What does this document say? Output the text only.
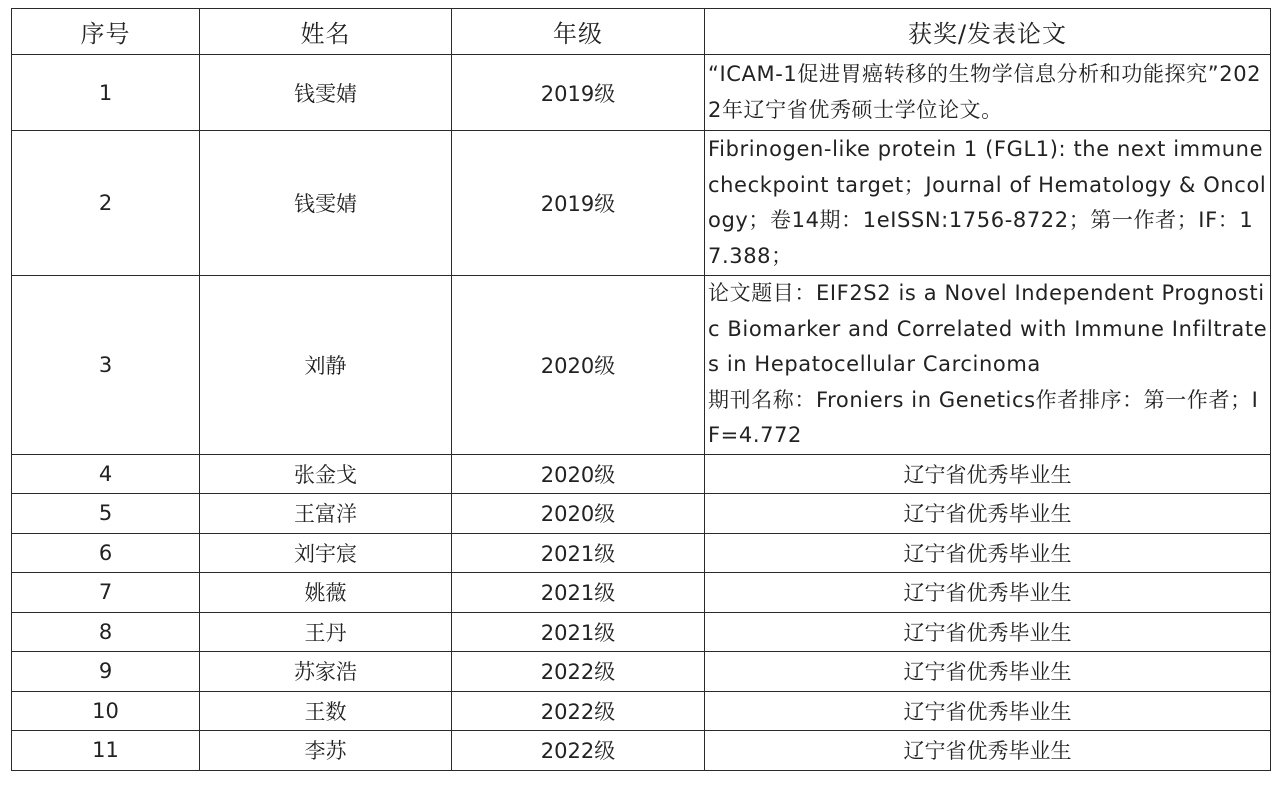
序号	姓名	年级	获奖/发表论文
1	钱雯婧	2019级	“ICAM-1促进胃癌转移的生物学信息分析和功能探究”2022年辽宁省优秀硕士学位论文。
2	钱雯婧	2019级	Fibrinogen-like protein 1 (FGL1): the next immune checkpoint target；Journal of Hematology & Oncology；卷14期：1eISSN:1756-8722；第一作者；IF：17.388；
3	刘静	2020级	论文题目：EIF2S2 is a Novel Independent Prognostic Biomarker and Correlated with Immune Infiltrates in Hepatocellular Carcinoma
期刊名称：Froniers in Genetics作者排序：第一作者；IF=4.772

4	张金戈	2020级	辽宁省优秀毕业生
5	王富洋	2020级	辽宁省优秀毕业生
6	刘宇宸	2021级	辽宁省优秀毕业生
7	姚薇	2021级	辽宁省优秀毕业生
8	王丹	2021级	辽宁省优秀毕业生
9	苏家浩	2022级	辽宁省优秀毕业生
10	王数	2022级	辽宁省优秀毕业生
11	李苏	2022级	辽宁省优秀毕业生
